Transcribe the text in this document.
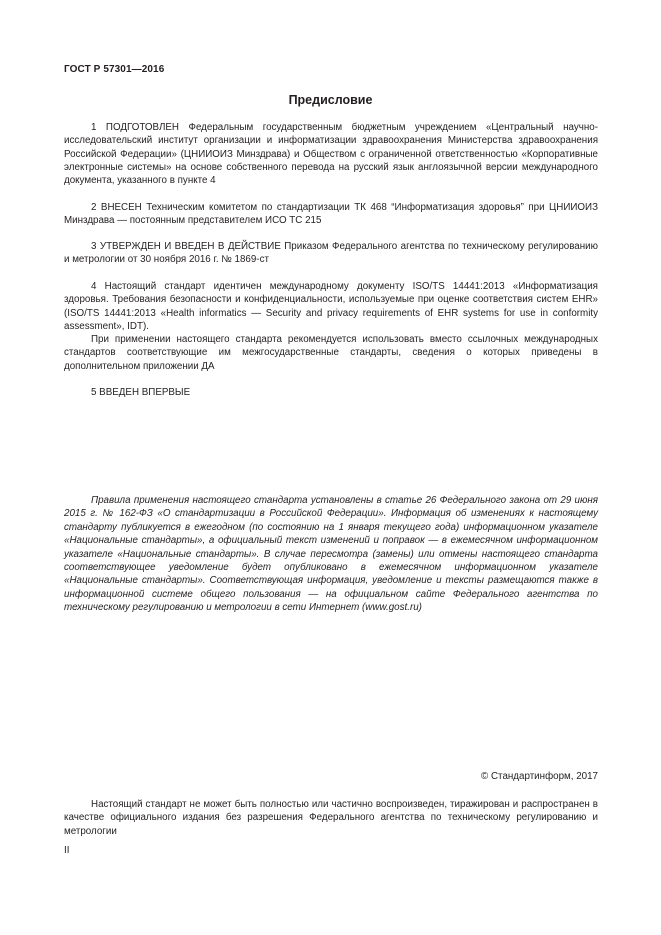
ГОСТ Р 57301—2016
Предисловие

1 ПОДГОТОВЛЕН Федеральным государственным бюджетным учреждением «Центральный научно-исследовательский институт организации и информатизации здравоохранения Министерства здравоохранения Российской Федерации» (ЦНИИОИЗ Минздрава) и Обществом с ограниченной ответственностью «Корпоративные электронные системы» на основе собственного перевода на русский язык англоязычной версии международного документа, указанного в пункте 4

2 ВНЕСЕН Техническим комитетом по стандартизации ТК 468 “Информатизация здоровья” при ЦНИИОИЗ Минздрава — постоянным представителем ИСО ТС 215

3 УТВЕРЖДЕН И ВВЕДЕН В ДЕЙСТВИЕ Приказом Федерального агентства по техническому регулированию и метрологии от 30 ноября 2016 г. № 1869-ст

4 Настоящий стандарт идентичен международному документу ISO/TS 14441:2013 «Информатизация здоровья. Требования безопасности и конфиденциальности, используемые при оценке соответствия систем EHR» (ISO/TS 14441:2013 «Health informatics — Security and privacy requirements of EHR systems for use in conformity assessment», IDT).

При применении настоящего стандарта рекомендуется использовать вместо ссылочных международных стандартов соответствующие им межгосударственные стандарты, сведения о которых приведены в дополнительном приложении ДА

5 ВВЕДЕН ВПЕРВЫЕ

Правила применения настоящего стандарта установлены в статье 26 Федерального закона от 29 июня 2015 г. № 162-ФЗ «О стандартизации в Российской Федерации». Информация об изменениях к настоящему стандарту публикуется в ежегодном (по состоянию на 1 января текущего года) информационном указателе «Национальные стандарты», а официальный текст изменений и поправок — в ежемесячном информационном указателе «Национальные стандарты». В случае пересмотра (замены) или отмены настоящего стандарта соответствующее уведомление будет опубликовано в ежемесячном информационном указателе «Национальные стандарты». Соответствующая информация, уведомление и тексты размещаются также в информационной системе общего пользования — на официальном сайте Федерального агентства по техническому регулированию и метрологии в сети Интернет (www.gost.ru)

© Стандартинформ, 2017

Настоящий стандарт не может быть полностью или частично воспроизведен, тиражирован и распространен в качестве официального издания без разрешения Федерального агентства по техническому регулированию и метрологии

II
